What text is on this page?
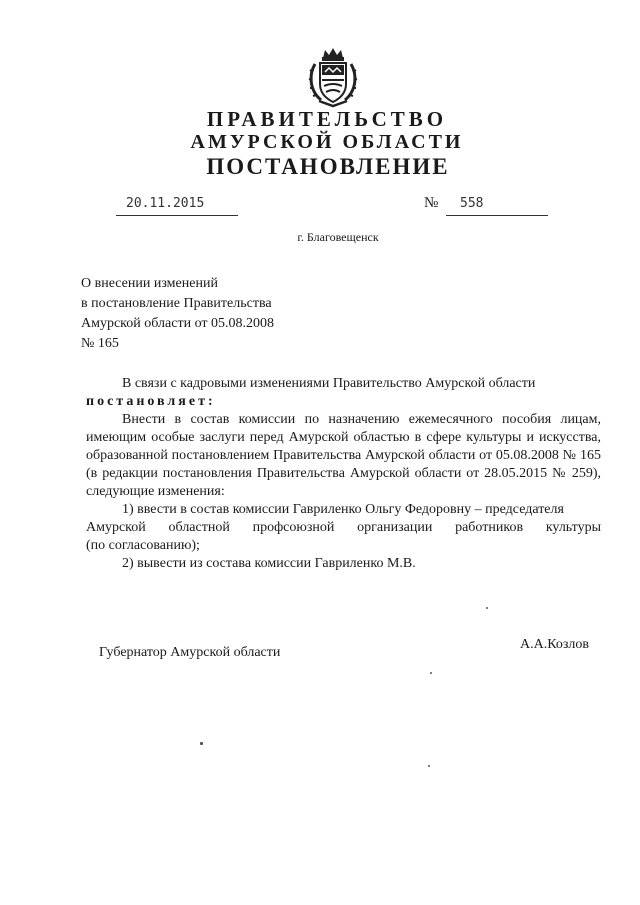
ПРАВИТЕЛЬСТВО
АМУРСКОЙ ОБЛАСТИ
ПОСТАНОВЛЕНИЕ
20.11.2015	№ 558
г. Благовещенск
О внесении изменений
в постановление Правительства
Амурской области от 05.08.2008
№ 165
В связи с кадровыми изменениями Правительство Амурской области
постановляет:
Внести в состав комиссии по назначению ежемесячного пособия лицам, имеющим особые заслуги перед Амурской областью в сфере культуры и искусства, образованной постановлением Правительства Амурской области от 05.08.2008 № 165 (в редакции постановления Правительства Амурской области от 28.05.2015 № 259), следующие изменения:
1) ввести в состав комиссии Гавриленко Ольгу Федоровну – председателя
Амурской областной профсоюзной организации работников культуры
(по согласованию);
2) вывести из состава комиссии Гавриленко М.В.
Губернатор Амурской области
А.А.Козлов
